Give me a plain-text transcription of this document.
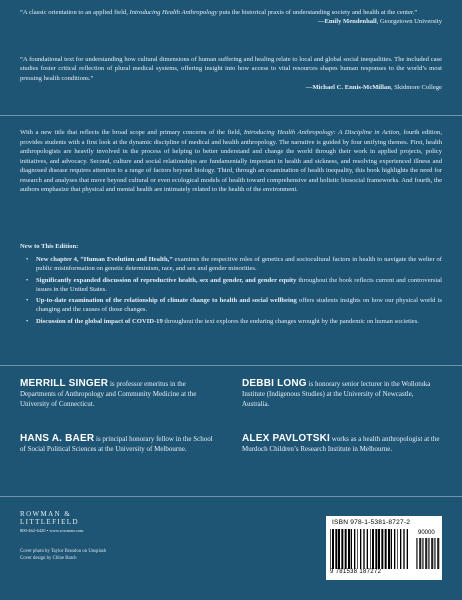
“A classic orientation to an applied field, Introducing Health Anthropology puts the historical praxis of understanding society and health at the center.”
—Emily Mendenhall, Georgetown University
“A foundational text for understanding how cultural dimensions of human suffering and healing relate to local and global social inequalities. The included case studies foster critical reflection of plural medical systems, offering insight into how access to vital resources shapes human responses to the world’s most pressing health conditions.”
—Michael C. Ennis-McMillan, Skidmore College
With a new title that reflects the broad scope and primary concerns of the field, Introducing Health Anthropology: A Discipline in Action, fourth edition, provides students with a first look at the dynamic discipline of medical and health anthropology. The narrative is guided by four unifying themes. First, health anthropologists are heavily involved in the process of helping to better understand and change the world through their work in applied projects, policy initiatives, and advocacy. Second, culture and social relationships are fundamentally important in health and sickness, and resolving experienced illness and diagnosed disease requires attention to a range of factors beyond biology. Third, through an examination of health inequality, this book highlights the need for research and analyses that move beyond cultural or even ecological models of health toward comprehensive and holistic biosocial frameworks. And fourth, the authors emphasize that physical and mental health are intimately related to the health of the environment.
New to This Edition:
• New chapter 4, “Human Evolution and Health,” examines the respective roles of genetics and sociocultural factors in health to navigate the welter of public misinformation on genetic determinism, race, and sex and gender minorities.
• Significantly expanded discussion of reproductive health, sex and gender, and gender equity throughout the book reflects current and controversial issues in the United States.
• Up-to-date examination of the relationship of climate change to health and social wellbeing offers students insights on how our physical world is changing and the causes of those changes.
• Discussion of the global impact of COVID-19 throughout the text explores the enduring changes wrought by the pandemic on human societies.
MERRILL SINGER is professor emeritus in the Departments of Anthropology and Community Medicine at the University of Connecticut.
HANS A. BAER is principal honorary fellow in the School of Social Political Sciences at the University of Melbourne.
DEBBI LONG is honorary senior lecturer in the Wollotuka Institute (Indigenous Studies) at the University of Newcastle, Australia.
ALEX PAVLOTSKI works as a health anthropologist at the Murdoch Children’s Research Institute in Melbourne.
ROWMAN &
LITTLEFIELD
800-462-6420 • www.rowman.com
Cover photo by Taylor Brandon on Unsplash
Cover design by Chloe Batch
ISBN 978-1-5381-8727-2
90000
9 781538 187272
